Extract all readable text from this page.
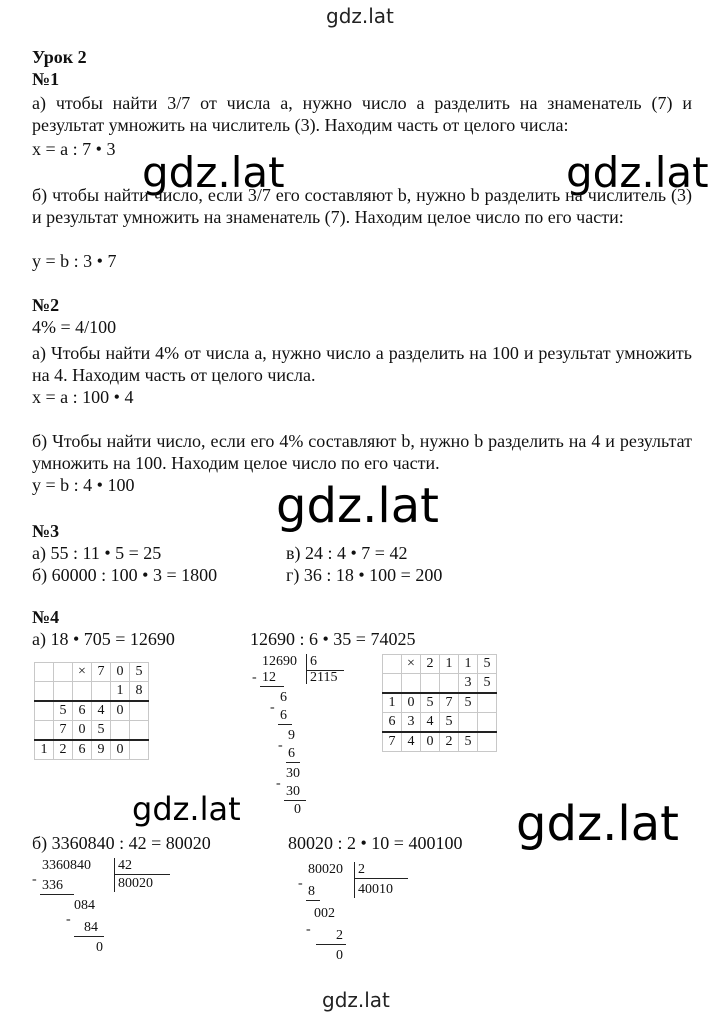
gdz.lat
gdz.lat	gdz.lat
gdz.lat
gdz.lat	gdz.lat
gdz.lat
Урок 2
№1
а) чтобы найти 3/7 от числа a, нужно число a разделить на знаменатель (7) и результат умножить на числитель (3). Находим часть от целого числа:
x = a : 7 • 3
б) чтобы найти число, если 3/7 его составляют b, нужно b разделить на числитель (3) и результат умножить на знаменатель (7). Находим целое число по его части:
y = b : 3 • 7
№2
4% = 4/100
а) Чтобы найти 4% от числа a, нужно число a разделить на 100 и результат умножить на 4. Находим часть от целого числа.
x = a : 100 • 4
б) Чтобы найти число, если его 4% составляют b, нужно b разделить на 4 и результат умножить на 100. Находим целое число по его части.
y = b : 4 • 100
№3
а) 55 : 11 • 5 = 25
б) 60000 : 100 • 3 = 1800
в) 24 : 4 • 7 = 42
г) 36 : 18 • 100 = 200
№4
а) 18 • 705 = 12690	12690 : 6 • 35 = 74025
		×	7	0	5
				1	8
	5	6	4	0	
	7	0	5		
1	2	6	9	0	
12690 6
2115
- 12
6
-
6
9
-
6
30
-
30
0
	×	2	1	1	5
				3	5
1	0	5	7	5	
6	3	4	5		
7	4	0	2	5	
б) 3360840 : 42 = 80020	80020 : 2 • 10 = 400100
3360840 42
80020
- 336
084
-
84
0
80020 2
40010
-
8
002
- 2
0
